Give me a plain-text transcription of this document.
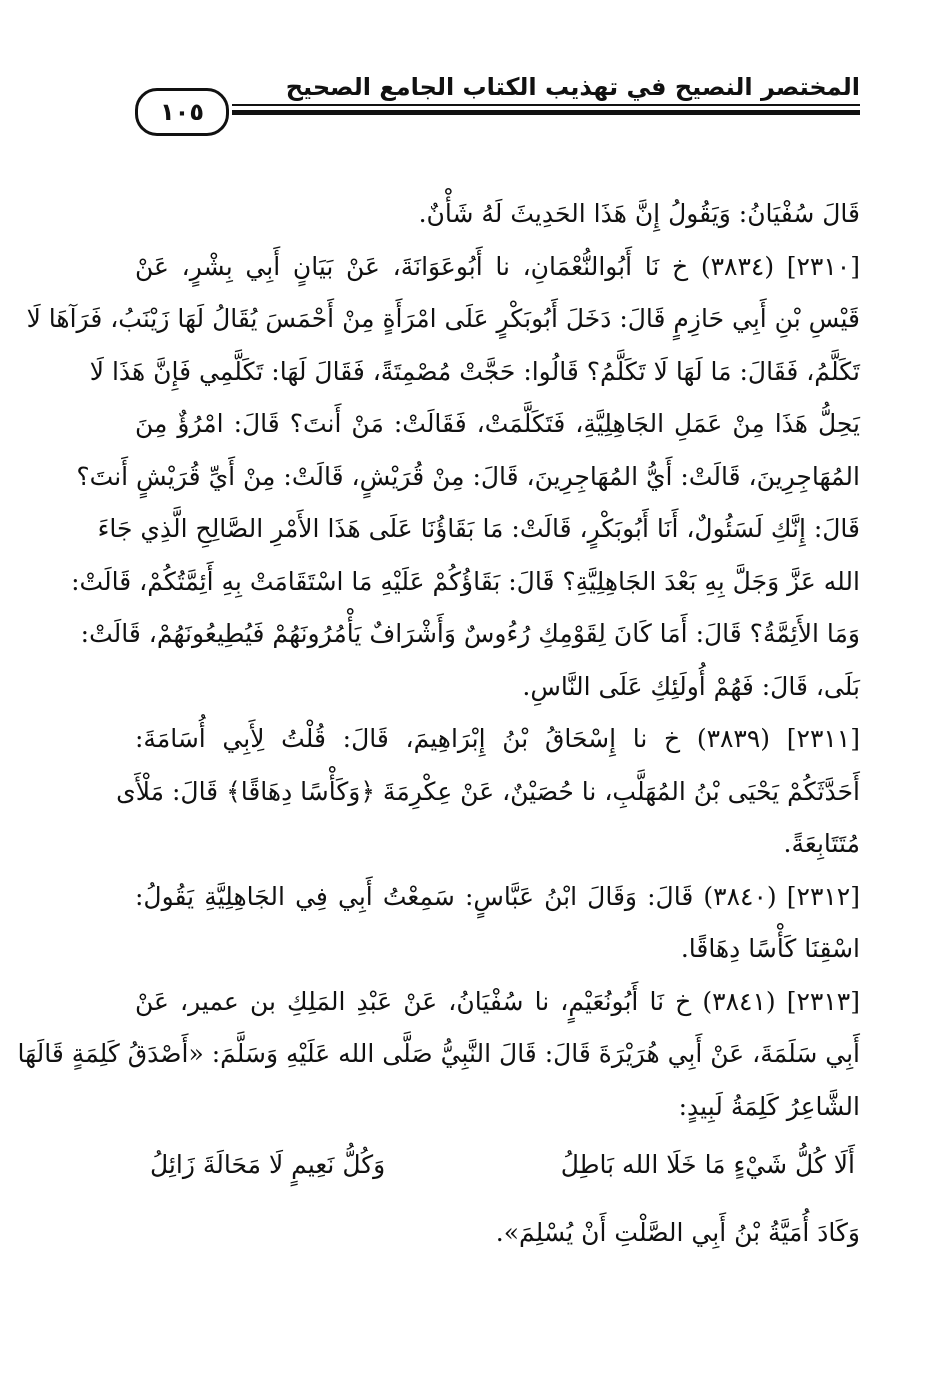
المختصر النصيح في تهذيب الكتاب الجامع الصحيح
١٠٥
قَالَ سُفْيَانُ: وَيَقُولُ إِنَّ هَذَا الحَدِيثَ لَهُ شَأْنٌ.
[٢٣١٠] (٣٨٣٤) خ نَا أَبُوالنُّعْمَانِ، نا أَبُوعَوَانَةَ، عَنْ بَيَانٍ أَبِي بِشْرٍ، عَنْ
قَيْسِ بْنِ أَبِي حَازِمٍ قَالَ: دَخَلَ أَبُوبَكْرٍ عَلَى امْرَأَةٍ مِنْ أَحْمَسَ يُقَالُ لَهَا زَيْنَبُ، فَرَآهَا لَا
تَكَلَّمُ، فَقَالَ: مَا لَهَا لَا تَكَلَّمُ؟ قَالُوا: حَجَّتْ مُصْمِتَةً، فَقَالَ لَهَا: تَكَلَّمِي فَإِنَّ هَذَا لَا
يَحِلُّ هَذَا مِنْ عَمَلِ الجَاهِلِيَّةِ، فَتَكَلَّمَتْ، فَقَالَتْ: مَنْ أَنتَ؟ قَالَ: امْرُؤٌ مِنَ
المُهَاجِرِينَ، قَالَتْ: أَيُّ المُهَاجِرِينَ، قَالَ: مِنْ قُرَيْشٍ، قَالَتْ: مِنْ أَيِّ قُرَيْشٍ أَنتَ؟
قَالَ: إِنَّكِ لَسَئُولٌ، أَنَا أَبُوبَكْرٍ، قَالَتْ: مَا بَقَاؤُنَا عَلَى هَذَا الأَمْرِ الصَّالِحِ الَّذِي جَاءَ
الله عَزَّ وَجَلَّ بِهِ بَعْدَ الجَاهِلِيَّةِ؟ قَالَ: بَقَاؤُكُمْ عَلَيْهِ مَا اسْتَقَامَتْ بِهِ أَئِمَّتُكُمْ، قَالَتْ:
وَمَا الأَئِمَّةُ؟ قَالَ: أَمَا كَانَ لِقَوْمِكِ رُءُوسٌ وَأَشْرَافٌ يَأْمُرُونَهُمْ فَيُطِيعُونَهُمْ، قَالَتْ:
بَلَى، قَالَ: فَهُمْ أُولَئِكِ عَلَى النَّاسِ.
[٢٣١١] (٣٨٣٩) خ نا إِسْحَاقُ بْنُ إِبْرَاهِيمَ، قَالَ: قُلْتُ لِأَبِي أُسَامَةَ:
أَحَدَّثَكُمْ يَحْيَى بْنُ المُهَلَّبِ، نا حُصَيْنٌ، عَنْ عِكْرِمَةَ ﴿وَكَأْسًا دِهَاقًا﴾ قَالَ: مَلْأَى
مُتَتَابِعَةً.
[٢٣١٢] (٣٨٤٠) قَالَ: وَقَالَ ابْنُ عَبَّاسٍ: سَمِعْتُ أَبِي فِي الجَاهِلِيَّةِ يَقُولُ:
اسْقِنَا كَأْسًا دِهَاقًا.
[٢٣١٣] (٣٨٤١) خ نَا أَبُونُعَيْمٍ، نا سُفْيَانُ، عَنْ عَبْدِ المَلِكِ بن عمير، عَنْ
أَبِي سَلَمَةَ، عَنْ أَبِي هُرَيْرَةَ قَالَ: قَالَ النَّبِيُّ صَلَّى الله عَلَيْهِ وَسَلَّمَ: «أَصْدَقُ كَلِمَةٍ قَالَهَا
الشَّاعِرُ كَلِمَةُ لَبِيدٍ:
أَلَا كُلُّ شَيْءٍ مَا خَلَا الله بَاطِلُ
وَكُلُّ نَعِيمٍ لَا مَحَالَةَ زَائِلُ
وَكَادَ أُمَيَّةُ بْنُ أَبِي الصَّلْتِ أَنْ يُسْلِمَ».
